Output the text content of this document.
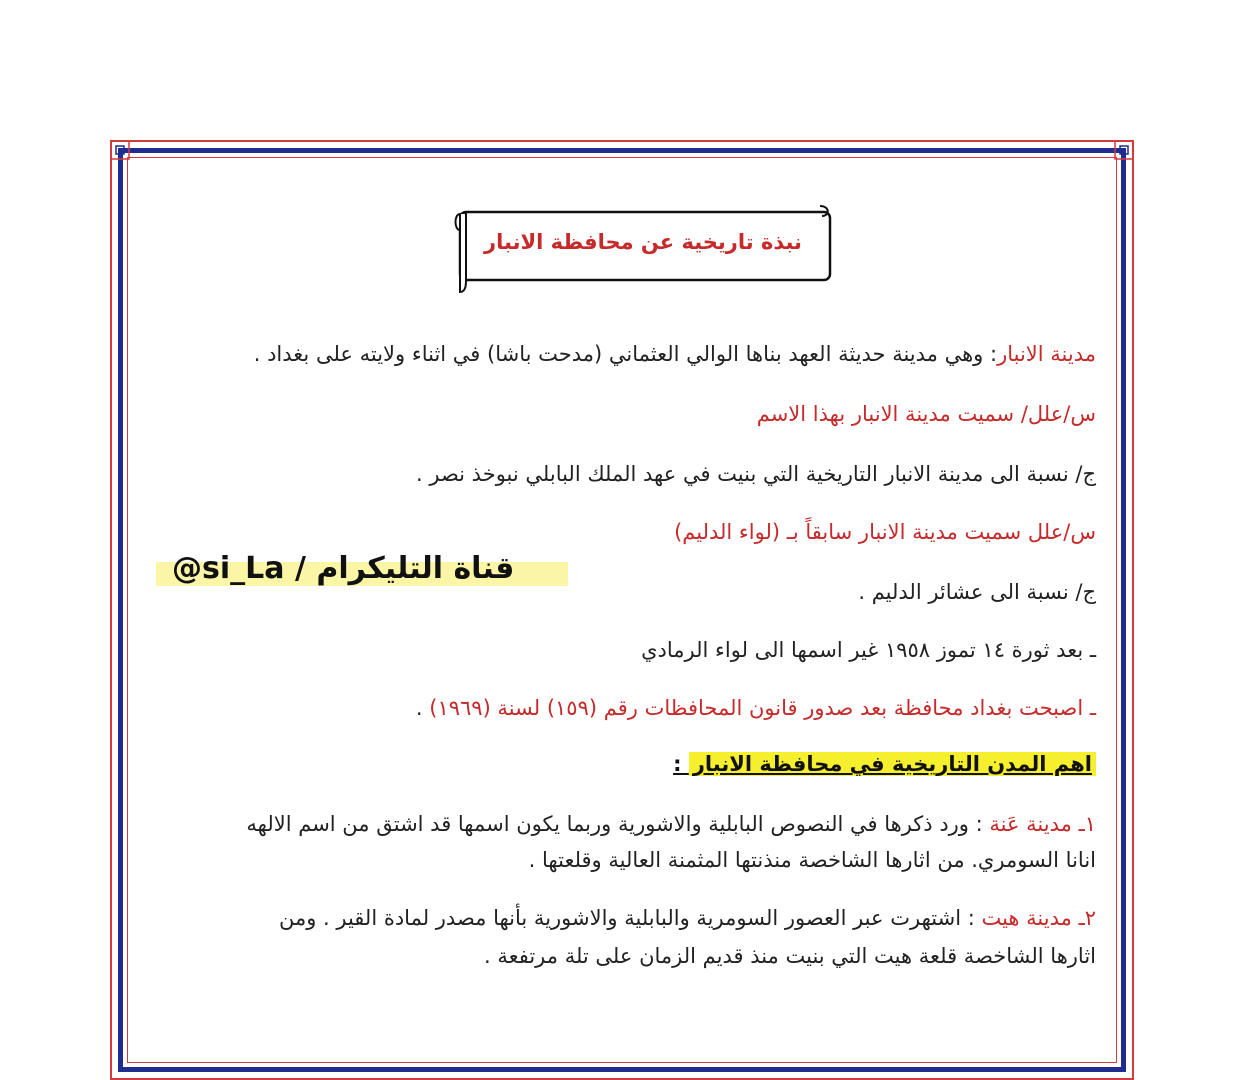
نبذة تاريخية عن محافظة الانبار
مدينة الانبار: وهي مدينة حديثة العهد بناها الوالي العثماني (مدحت باشا) في اثناء ولايته على بغداد .
س/علل/ سميت مدينة الانبار بهذا الاسم
ج/ نسبة الى مدينة الانبار التاريخية التي بنيت في عهد الملك البابلي نبوخذ نصر .
س/علل سميت مدينة الانبار سابقاً بـ (لواء الدليم)
ج/ نسبة الى عشائر الدليم .
ـ بعد ثورة ١٤ تموز ١٩٥٨ غير اسمها الى لواء الرمادي
ـ اصبحت بغداد محافظة بعد صدور قانون المحافظات رقم (١٥٩) لسنة (١٩٦٩) .
اهم المدن التاريخية في محافظة الانبار :
١ـ مدينة عَنة : ورد ذكرها في النصوص البابلية والاشورية وربما يكون اسمها قد اشتق من اسم الالهه
انانا السومري. من اثارها الشاخصة منذنتها المثمنة العالية وقلعتها .
٢ـ مدينة هيت : اشتهرت عبر العصور السومرية والبابلية والاشورية بأنها مصدر لمادة القير . ومن
اثارها الشاخصة قلعة هيت التي بنيت منذ قديم الزمان على تلة مرتفعة .
@si_La / قناة التليكرام
